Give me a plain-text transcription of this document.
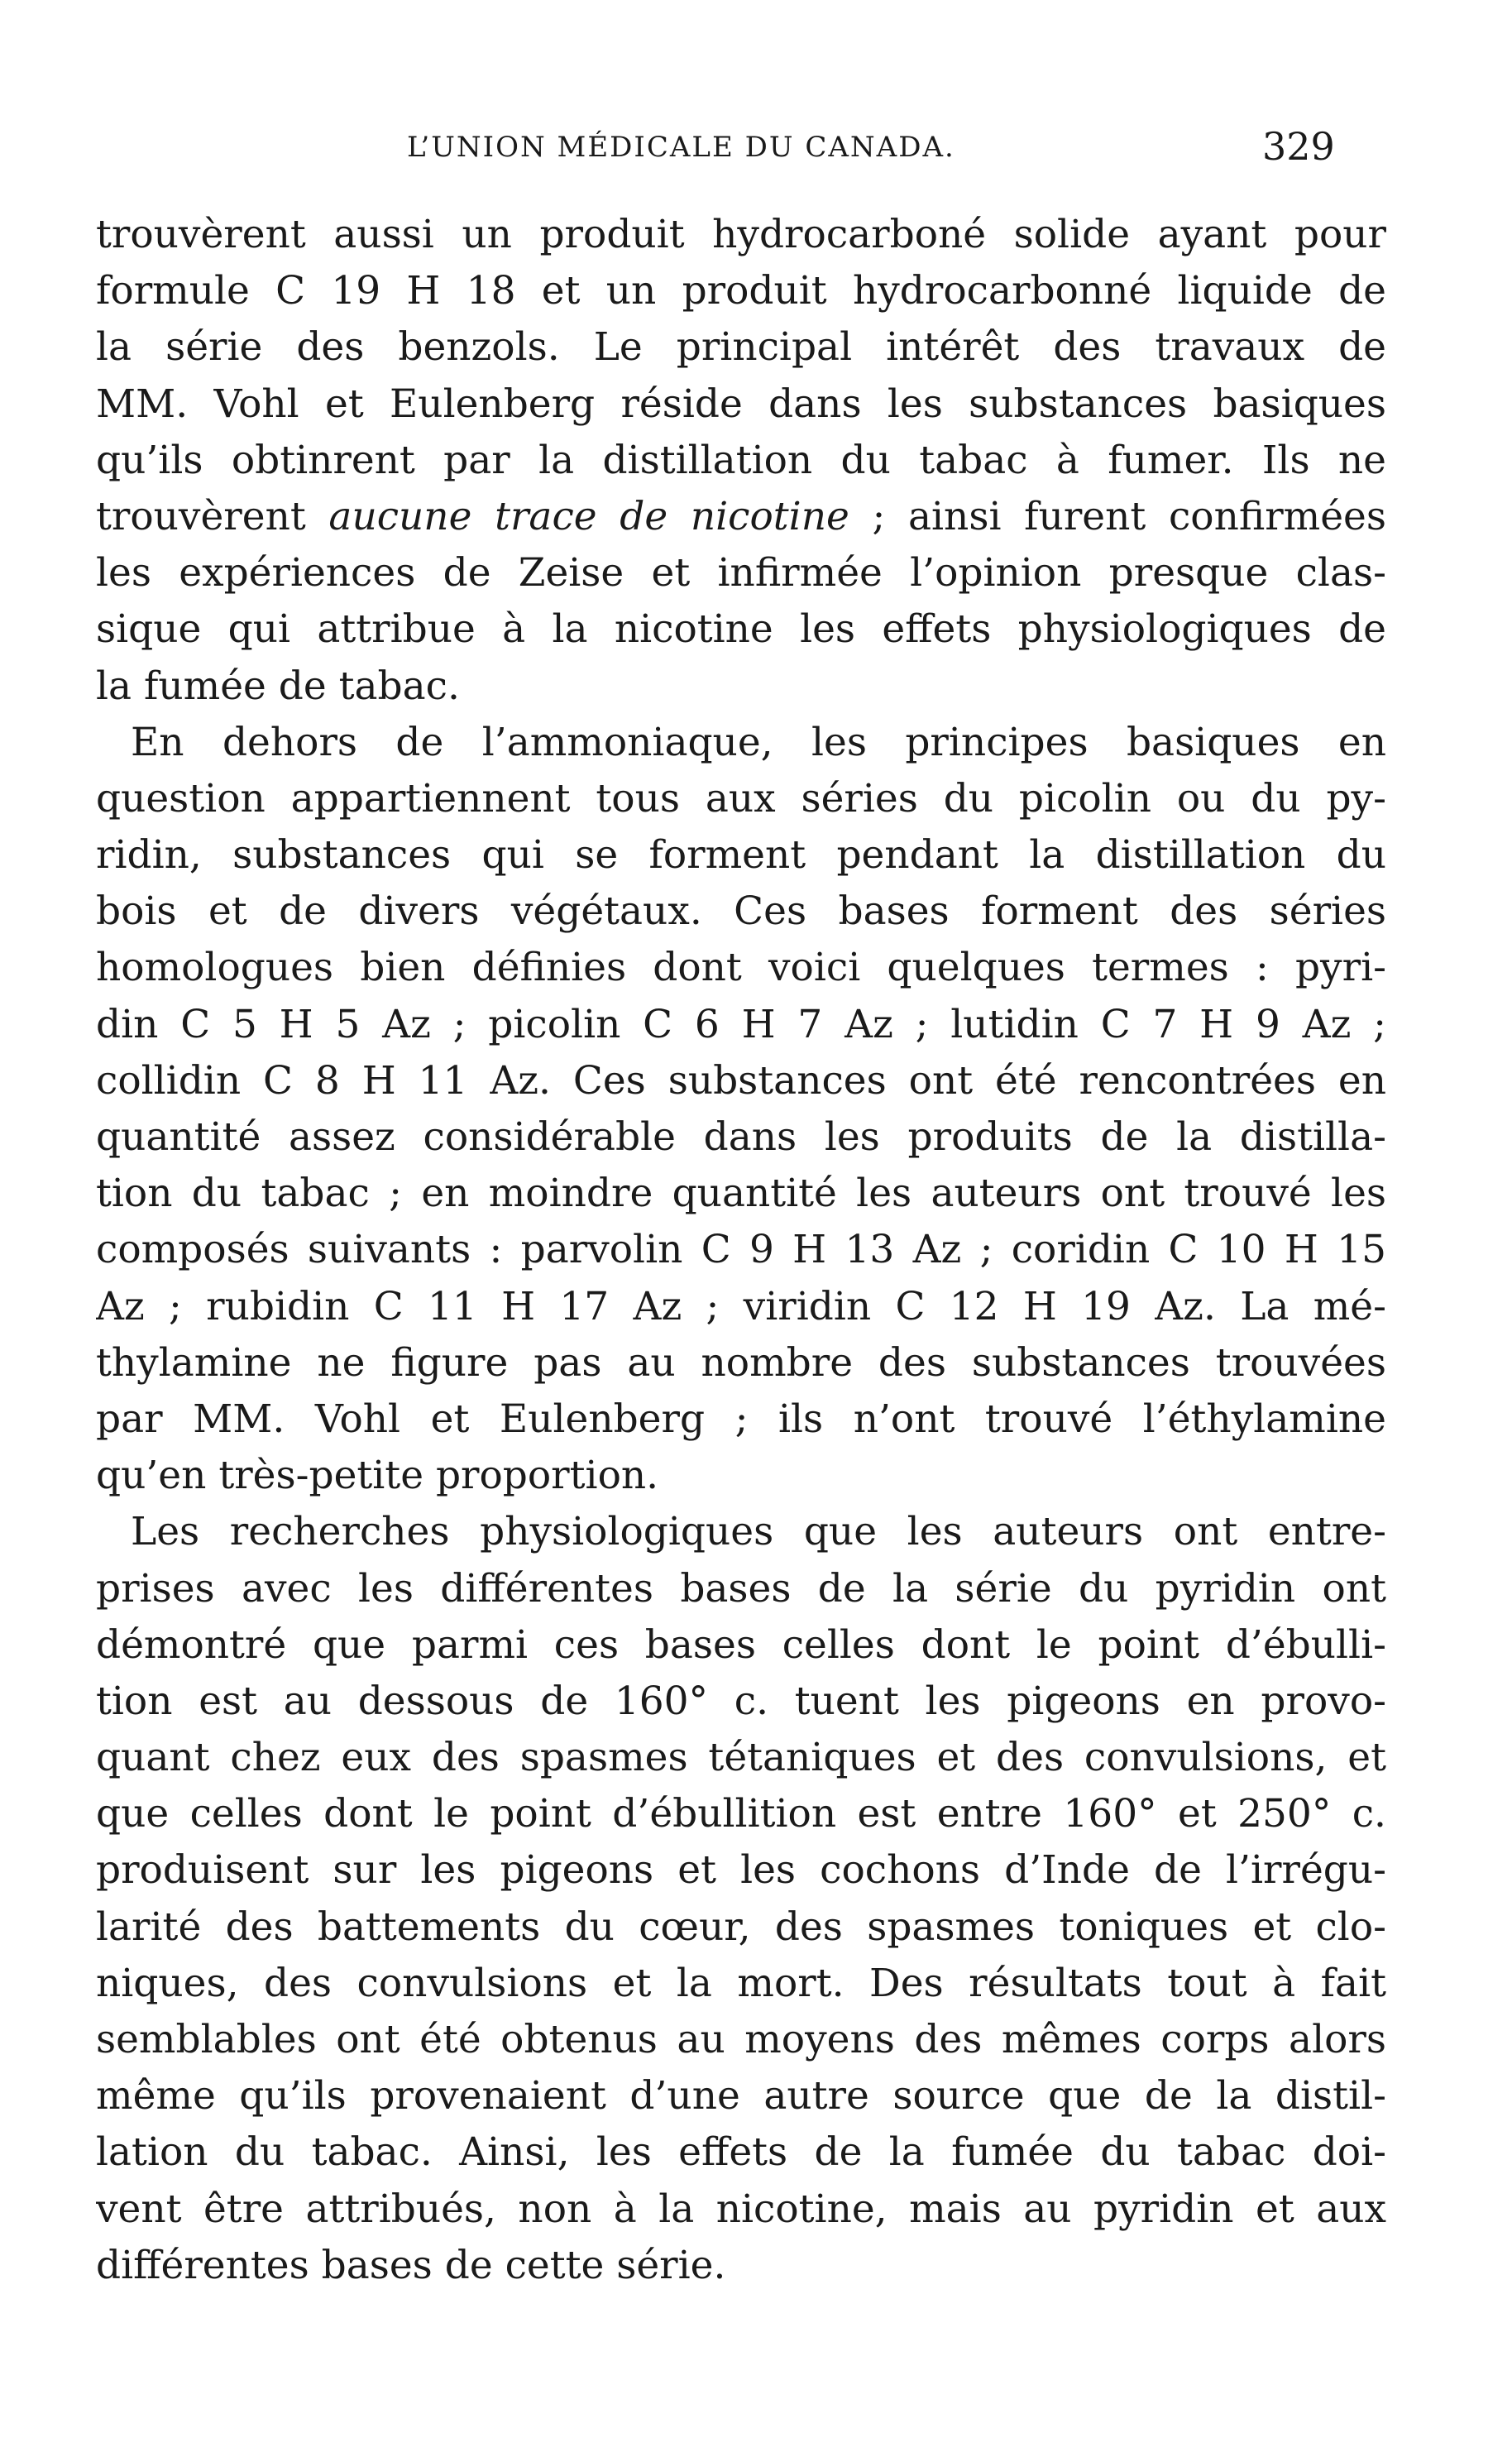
L’UNION MÉDICALE DU CANADA.	329
trouvèrent aussi un produit hydrocarboné solide ayant pour
formule C 19 H 18 et un produit hydrocarbonné liquide de
la série des benzols. Le principal intérêt des travaux de
MM. Vohl et Eulenberg réside dans les substances basiques
qu’ils obtinrent par la distillation du tabac à fumer. Ils ne
trouvèrent aucune trace de nicotine ; ainsi furent confirmées
les expériences de Zeise et infirmée l’opinion presque clas-
sique qui attribue à la nicotine les effets physiologiques de
la fumée de tabac.
En dehors de l’ammoniaque, les principes basiques en
question appartiennent tous aux séries du picolin ou du py-
ridin, substances qui se forment pendant la distillation du
bois et de divers végétaux. Ces bases forment des séries
homologues bien définies dont voici quelques termes : pyri-
din C 5 H 5 Az ; picolin C 6 H 7 Az ; lutidin C 7 H 9 Az ;
collidin C 8 H 11 Az. Ces substances ont été rencontrées en
quantité assez considérable dans les produits de la distilla-
tion du tabac ; en moindre quantité les auteurs ont trouvé les
composés suivants : parvolin C 9 H 13 Az ; coridin C 10 H 15
Az ; rubidin C 11 H 17 Az ; viridin C 12 H 19 Az. La mé-
thylamine ne figure pas au nombre des substances trouvées
par MM. Vohl et Eulenberg ; ils n’ont trouvé l’éthylamine
qu’en très-petite proportion.
Les recherches physiologiques que les auteurs ont entre-
prises avec les différentes bases de la série du pyridin ont
démontré que parmi ces bases celles dont le point d’ébulli-
tion est au dessous de 160° c. tuent les pigeons en provo-
quant chez eux des spasmes tétaniques et des convulsions, et
que celles dont le point d’ébullition est entre 160° et 250° c.
produisent sur les pigeons et les cochons d’Inde de l’irrégu-
larité des battements du cœur, des spasmes toniques et clo-
niques, des convulsions et la mort. Des résultats tout à fait
semblables ont été obtenus au moyens des mêmes corps alors
même qu’ils provenaient d’une autre source que de la distil-
lation du tabac. Ainsi, les effets de la fumée du tabac doi-
vent être attribués, non à la nicotine, mais au pyridin et aux
différentes bases de cette série.
